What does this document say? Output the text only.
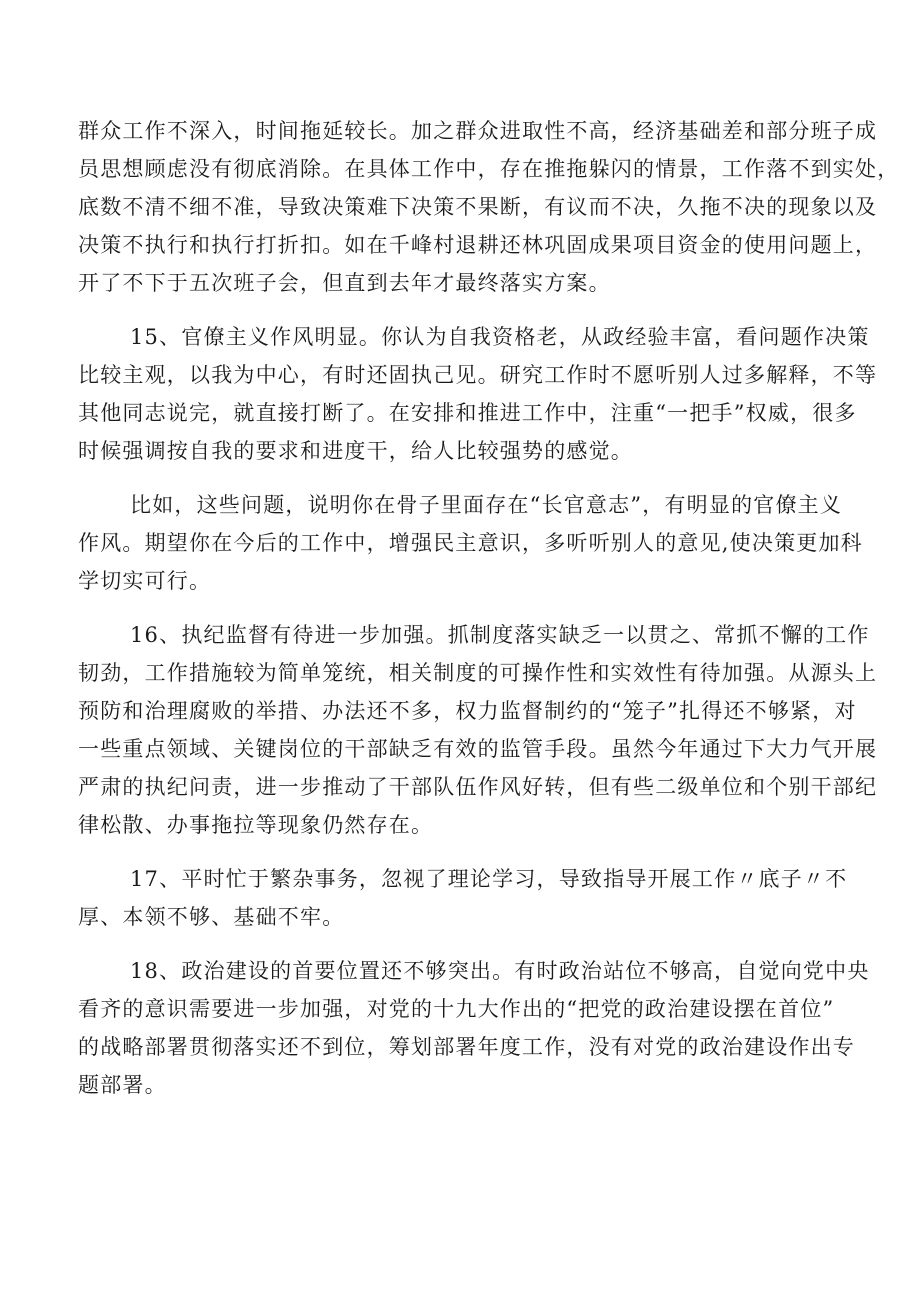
群众工作不深入，时间拖延较长。加之群众进取性不高，经济基础差和部分班子成
员思想顾虑没有彻底消除。在具体工作中，存在推拖躲闪的情景，工作落不到实处，
底数不清不细不准，导致决策难下决策不果断，有议而不决，久拖不决的现象以及
决策不执行和执行打折扣。如在千峰村退耕还林巩固成果项目资金的使用问题上，
开了不下于五次班子会，但直到去年才最终落实方案。
15、官僚主义作风明显。你认为自我资格老，从政经验丰富，看问题作决策
比较主观，以我为中心，有时还固执己见。研究工作时不愿听别人过多解释，不等
其他同志说完，就直接打断了。在安排和推进工作中，注重“一把手”权威，很多
时候强调按自我的要求和进度干，给人比较强势的感觉。
比如，这些问题，说明你在骨子里面存在“长官意志”，有明显的官僚主义
作风。期望你在今后的工作中，增强民主意识，多听听别人的意见,使决策更加科
学切实可行。
16、执纪监督有待进一步加强。抓制度落实缺乏一以贯之、常抓不懈的工作
韧劲，工作措施较为简单笼统，相关制度的可操作性和实效性有待加强。从源头上
预防和治理腐败的举措、办法还不多，权力监督制约的“笼子”扎得还不够紧，对
一些重点领域、关键岗位的干部缺乏有效的监管手段。虽然今年通过下大力气开展
严肃的执纪问责，进一步推动了干部队伍作风好转，但有些二级单位和个别干部纪
律松散、办事拖拉等现象仍然存在。
17、平时忙于繁杂事务，忽视了理论学习，导致指导开展工作〃底子〃不
厚、本领不够、基础不牢。
18、政治建设的首要位置还不够突出。有时政治站位不够高，自觉向党中央
看齐的意识需要进一步加强，对党的十九大作出的“把党的政治建设摆在首位”
的战略部署贯彻落实还不到位，筹划部署年度工作，没有对党的政治建设作出专
题部署。
